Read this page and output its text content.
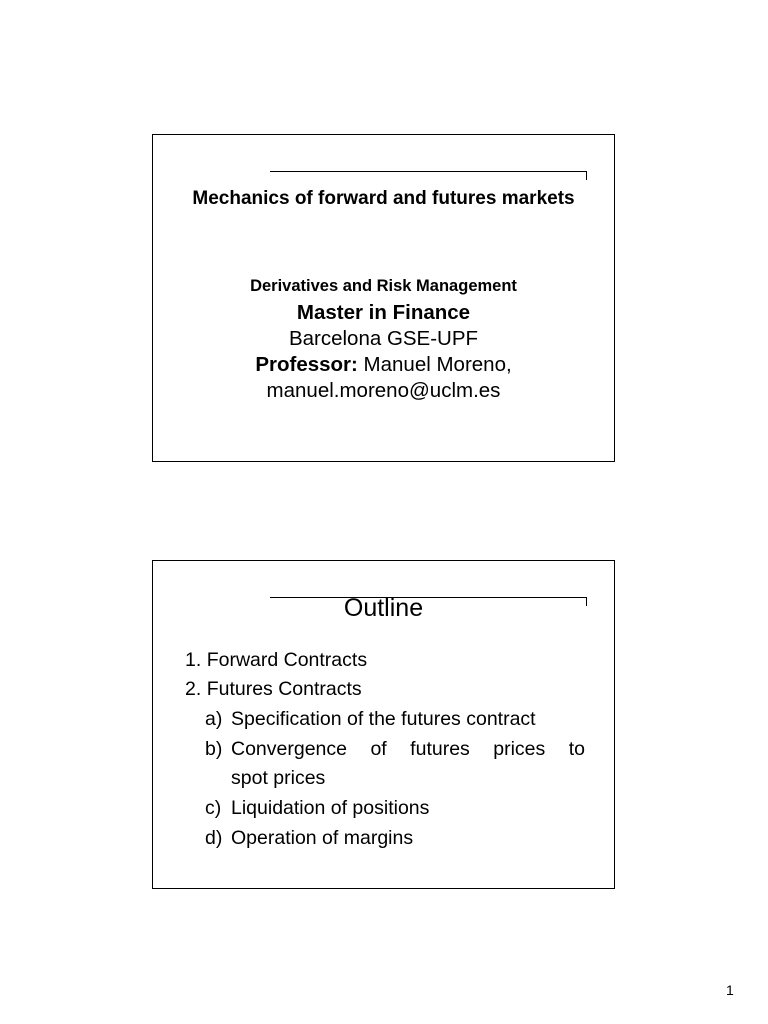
Mechanics of forward and futures markets
Derivatives and Risk Management
Master in Finance
Barcelona GSE-UPF
Professor: Manuel Moreno,
manuel.moreno@uclm.es
Outline
1. Forward Contracts
2. Futures Contracts
a) Specification of the futures contract
b) Convergence of futures prices to
spot prices
c) Liquidation of positions
d) Operation of margins
1
